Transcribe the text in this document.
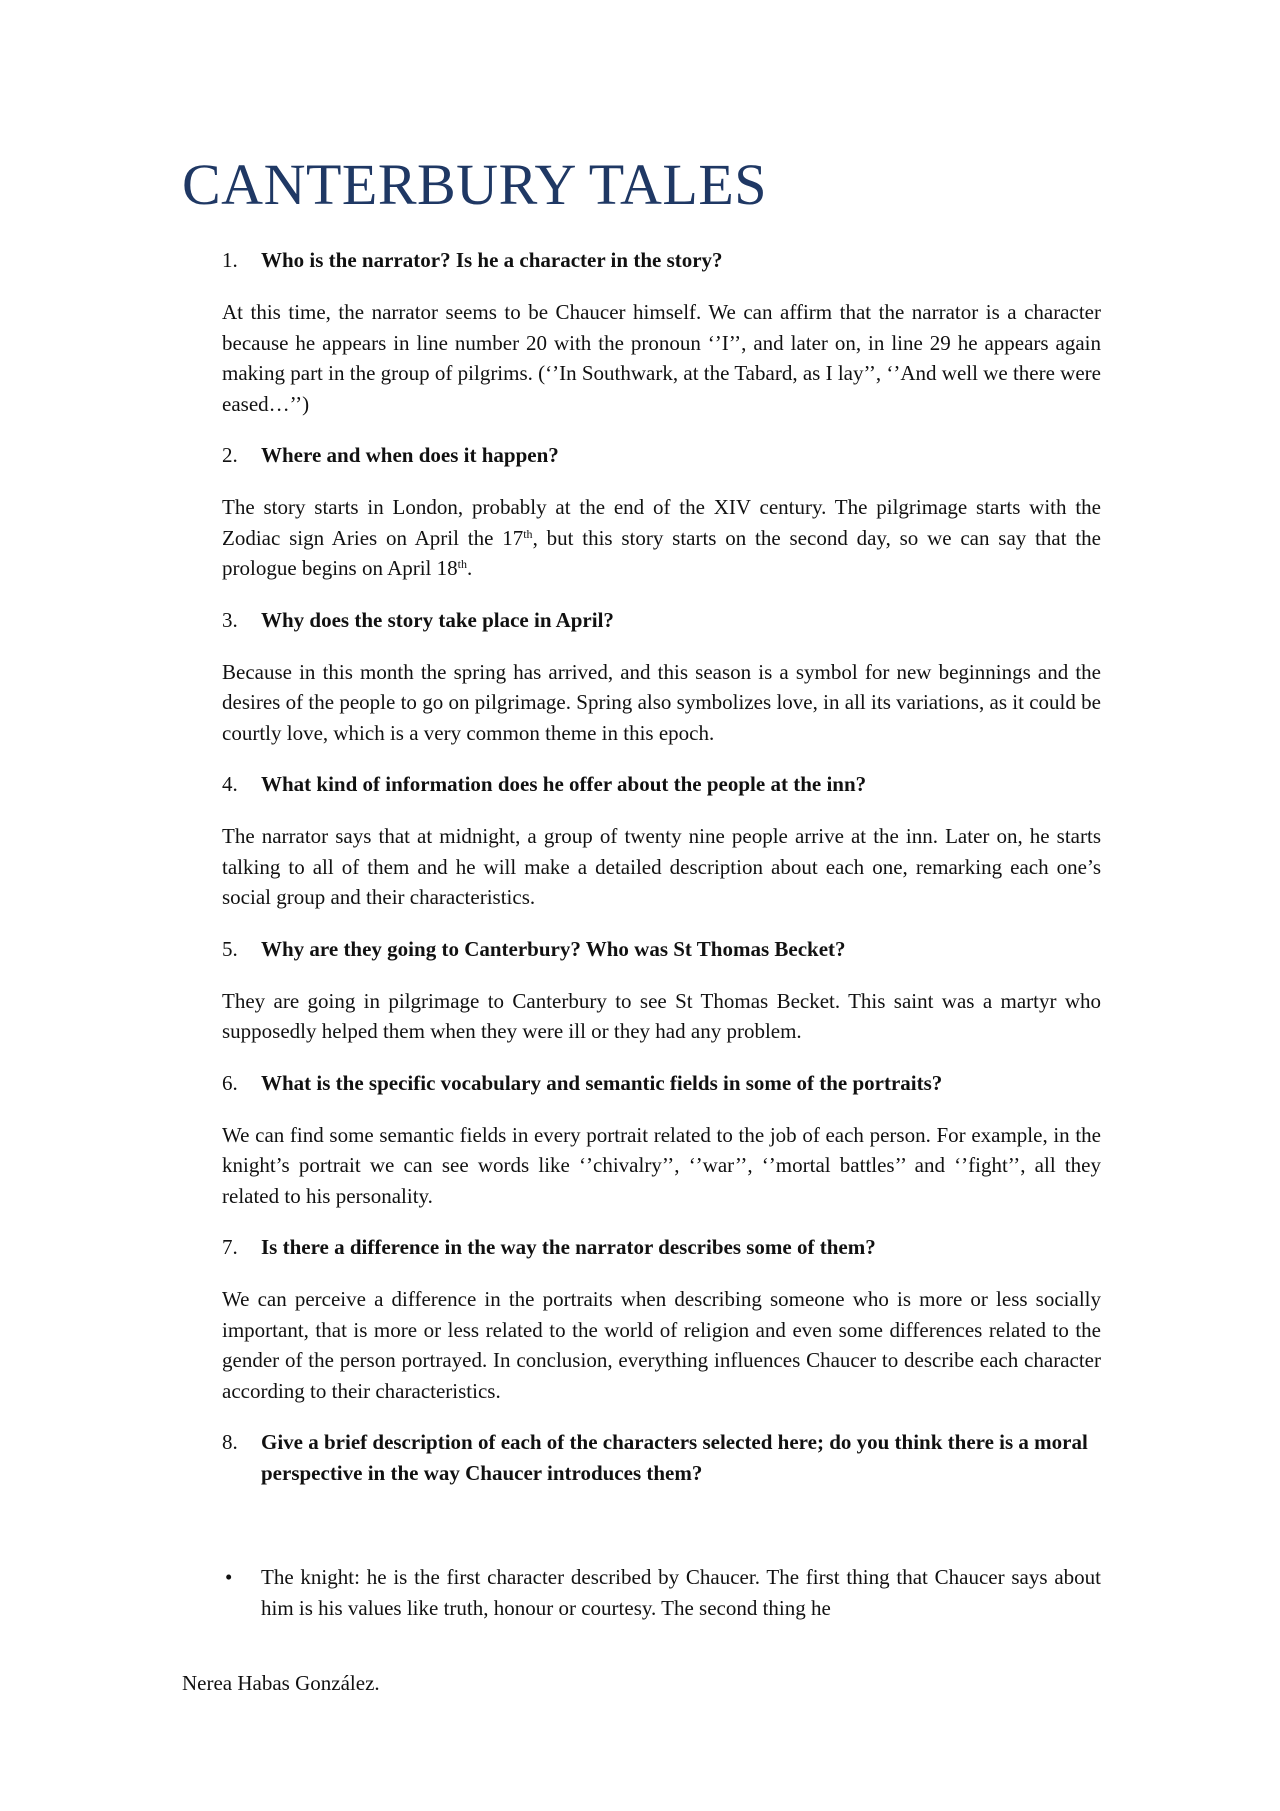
CANTERBURY TALES

1. Who is the narrator? Is he a character in the story?

At this time, the narrator seems to be Chaucer himself. We can affirm that the narrator is a character because he appears in line number 20 with the pronoun ‘’I’’, and later on, in line 29 he appears again making part in the group of pilgrims. (‘’In Southwark, at the Tabard, as I lay’’, ‘’And well we there were eased…’’)

2. Where and when does it happen?

The story starts in London, probably at the end of the XIV century. The pilgrimage starts with the Zodiac sign Aries on April the 17th, but this story starts on the second day, so we can say that the prologue begins on April 18th.

3. Why does the story take place in April?

Because in this month the spring has arrived, and this season is a symbol for new beginnings and the desires of the people to go on pilgrimage. Spring also symbolizes love, in all its variations, as it could be courtly love, which is a very common theme in this epoch.

4. What kind of information does he offer about the people at the inn?

The narrator says that at midnight, a group of twenty nine people arrive at the inn. Later on, he starts talking to all of them and he will make a detailed description about each one, remarking each one’s social group and their characteristics.

5. Why are they going to Canterbury? Who was St Thomas Becket?

They are going in pilgrimage to Canterbury to see St Thomas Becket. This saint was a martyr who supposedly helped them when they were ill or they had any problem.

6. What is the specific vocabulary and semantic fields in some of the portraits?

We can find some semantic fields in every portrait related to the job of each person. For example, in the knight’s portrait we can see words like ‘’chivalry’’, ‘’war’’, ‘’mortal battles’’ and ‘’fight’’, all they related to his personality.

7. Is there a difference in the way the narrator describes some of them?

We can perceive a difference in the portraits when describing someone who is more or less socially important, that is more or less related to the world of religion and even some differences related to the gender of the person portrayed. In conclusion, everything influences Chaucer to describe each character according to their characteristics.

8. Give a brief description of each of the characters selected here; do you think there is a moral perspective in the way Chaucer introduces them?

• The knight: he is the first character described by Chaucer. The first thing that Chaucer says about him is his values like truth, honour or courtesy. The second thing he

Nerea Habas González.
